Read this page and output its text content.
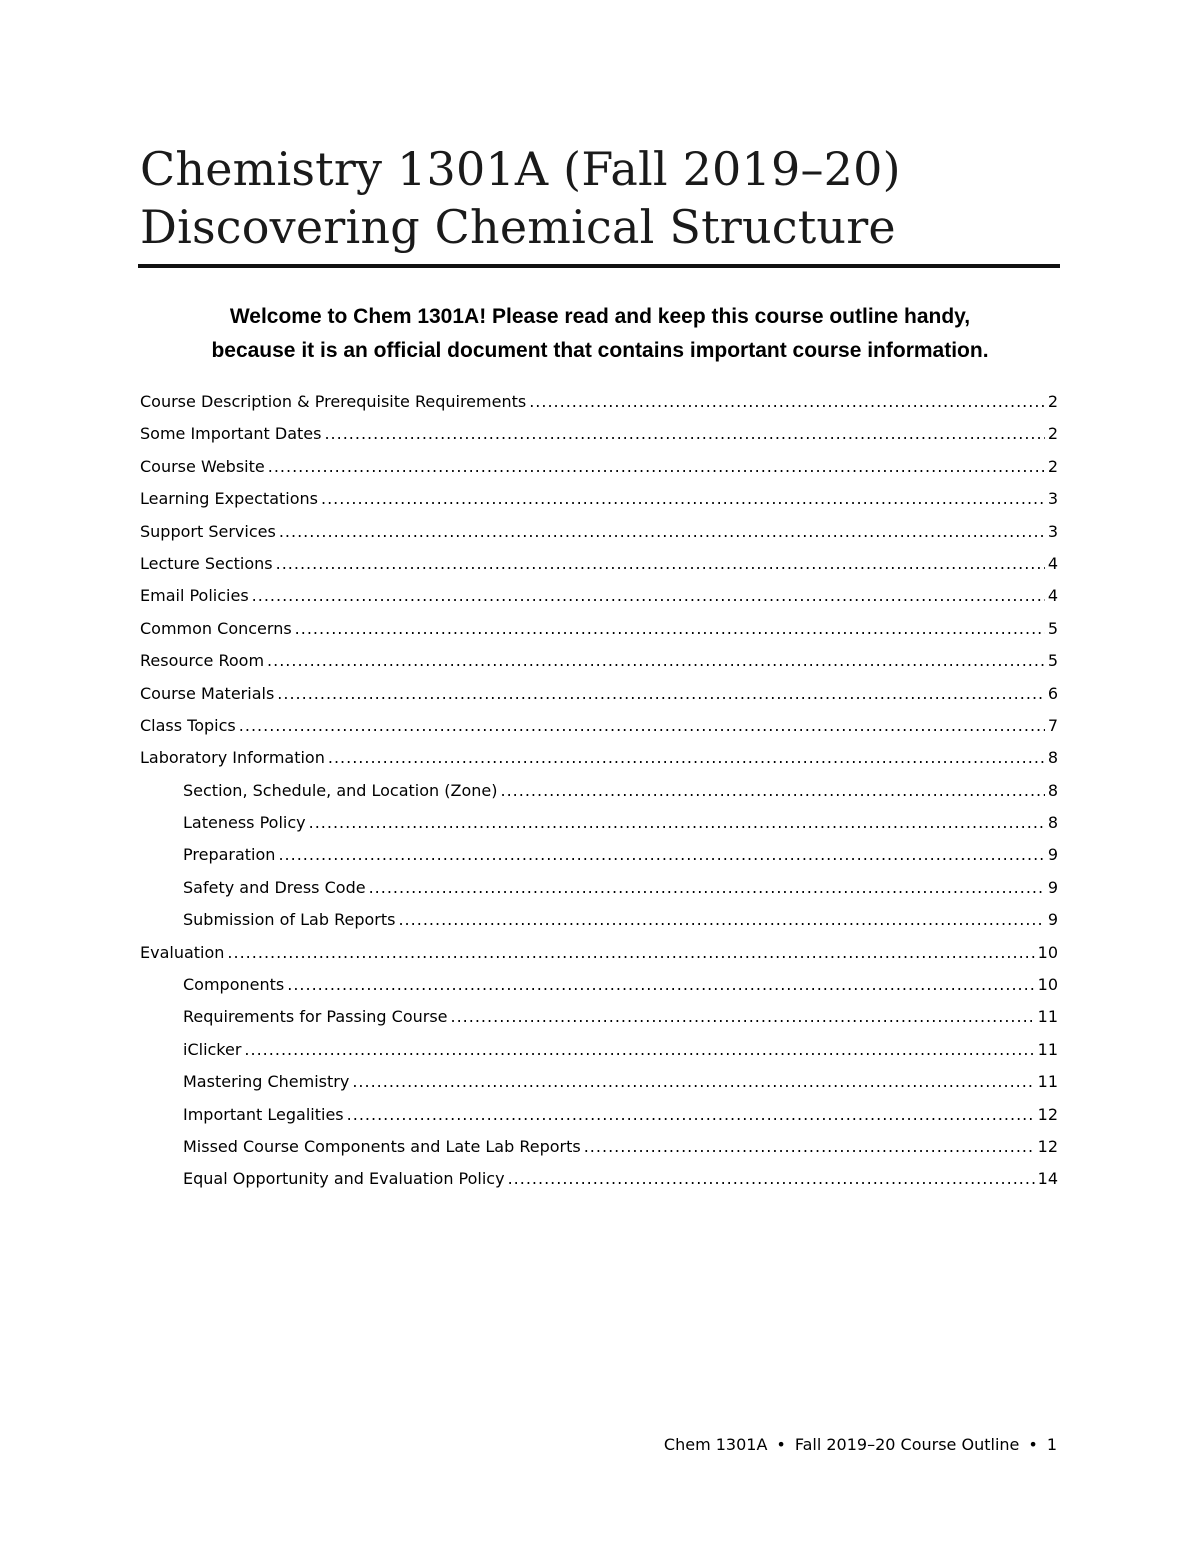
Chemistry 1301A (Fall 2019–20)
Discovering Chemical Structure
Welcome to Chem 1301A! Please read and keep this course outline handy,
because it is an official document that contains important course information.
Course Description & Prerequisite Requirements .....	2
Some Important Dates .....	2
Course Website .....	2
Learning Expectations .....	3
Support Services .....	3
Lecture Sections .....	4
Email Policies .....	4
Common Concerns .....	5
Resource Room .....	5
Course Materials .....	6
Class Topics .....	7
Laboratory Information .....	8
Section, Schedule, and Location (Zone) .....	8
Lateness Policy .....	8
Preparation .....	9
Safety and Dress Code .....	9
Submission of Lab Reports .....	9
Evaluation .....	10
Components .....	10
Requirements for Passing Course .....	11
iClicker .....	11
Mastering Chemistry .....	11
Important Legalities .....	12
Missed Course Components and Late Lab Reports .....	12
Equal Opportunity and Evaluation Policy .....	14
Chem 1301A • Fall 2019–20 Course Outline • 1
